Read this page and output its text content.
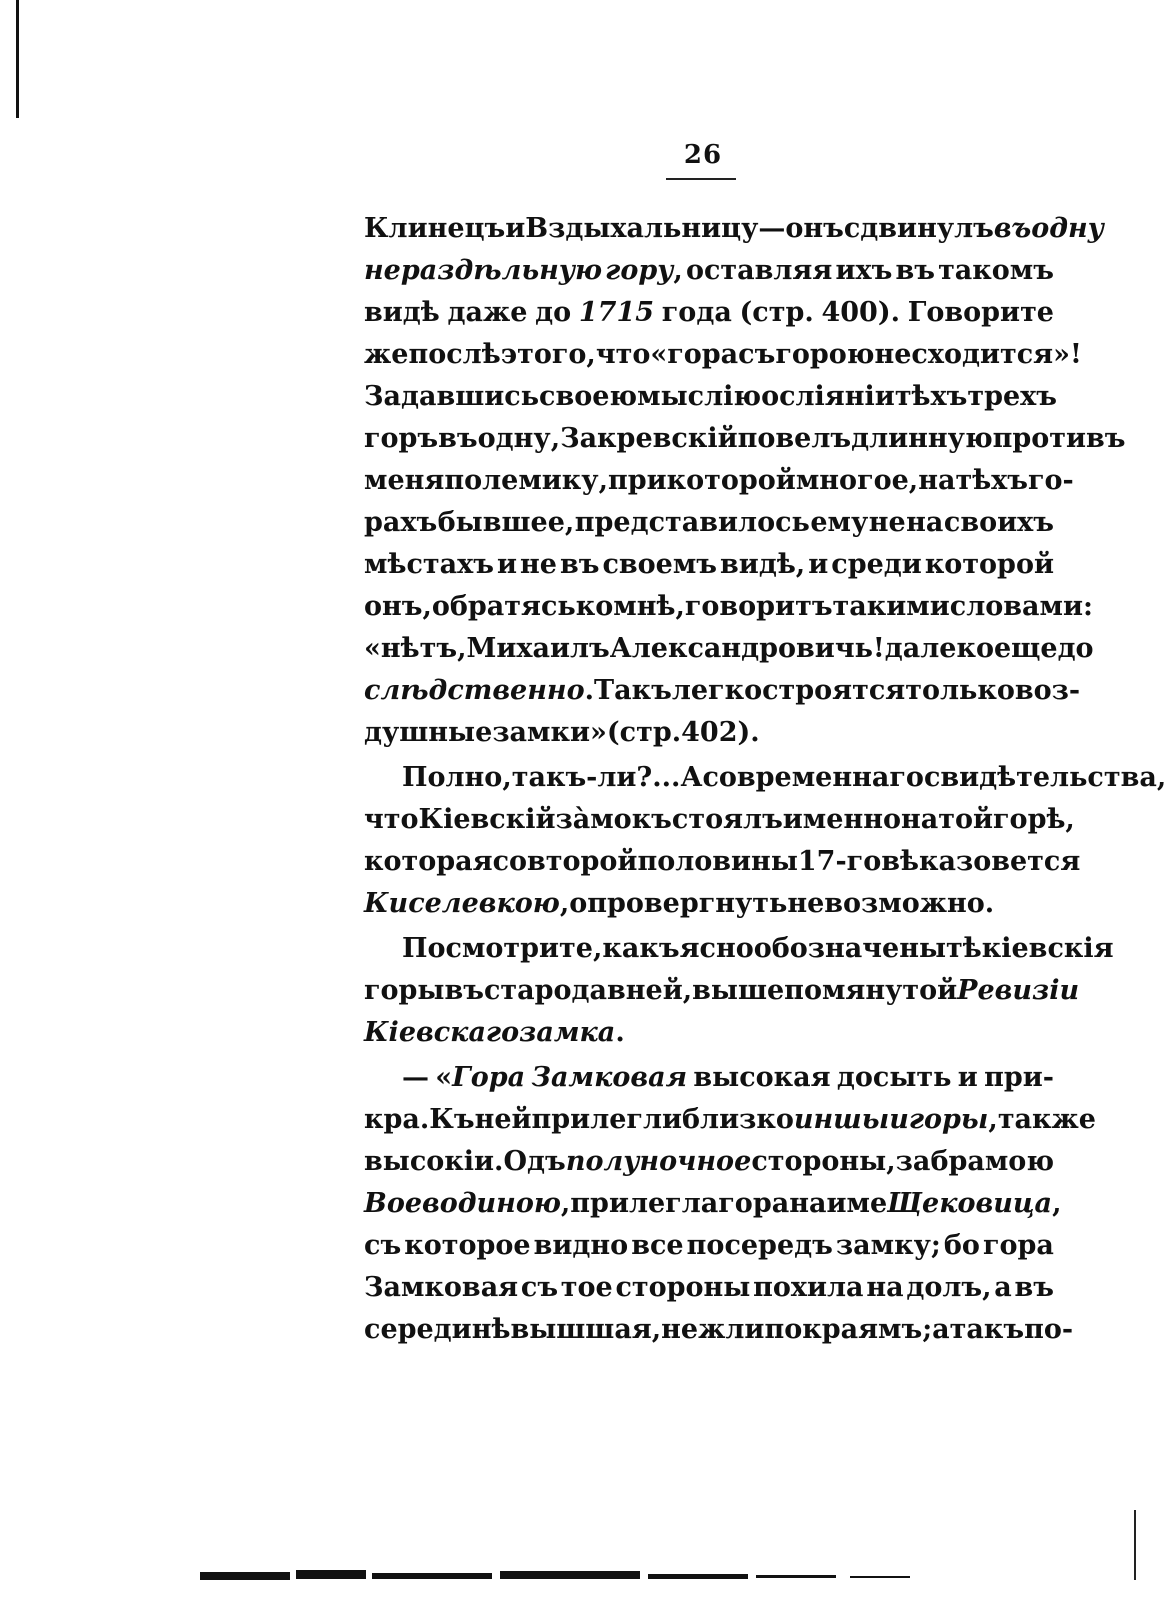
26
Клинецъ и Вздыхальницу — онъ сдвинулъ въ одну
нераздѣльную гору, оставляя ихъ въ такомъ
видѣ даже до 1715 года (стр. 400). Говорите
же послѣ этого, что «гора съ горою не сходится»!
Задавшись своею мыслію о сліяніи тѣхъ трехъ
горъ въ одну, Закревскій повелъ длинную противъ
меня полемику, при которой многое, на тѣхъ го-
рахъ бывшее, представилось ему не на своихъ
мѣстахъ и не въ своемъ видѣ, и среди которой
онъ, обратясь ко мнѣ, говоритъ такими словами:
«нѣтъ, Михаилъ Александровичь! далеко еще до
слѣдственно. Такъ легко строятся только воз-
душные замки» (стр. 402).
Полно, такъ-ли?... А современнаго свидѣтельства,
что Кіевскій зàмокъ стоялъ именно на той горѣ,
которая со второй половины 17-го вѣка зовется
Киселевкою, опровергнуть невозможно.
Посмотрите, какъ ясно обозначены тѣ кіевскія
горы въ стародавней, вышепомянутой Ревизіи
Кіевскаго замка.
— «Гора Замковая высокая досыть и при-
кра. Къ ней прилегли близко иншыи горы, также
высокіи. Одъ полуночное стороны, за брамою
Воеводиною, прилегла гора на име Щековица,
съ которое видно все посередъ замку; бо гора
Замковая съ тое стороны похила на долъ, а въ
серединѣ вышшая, нежли по краямъ; а такъ по-
